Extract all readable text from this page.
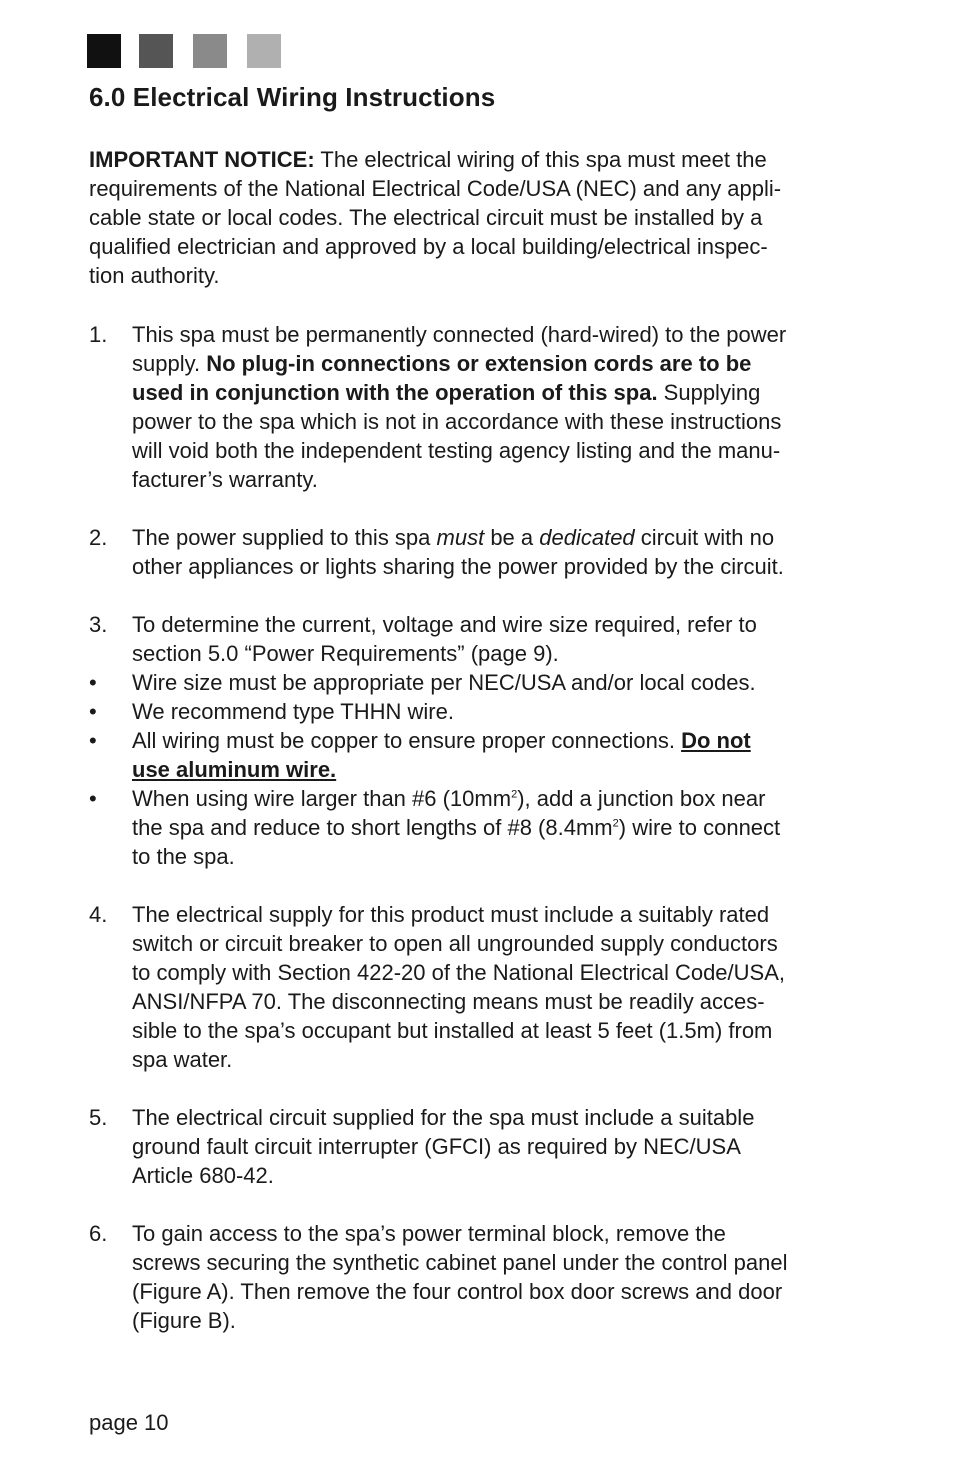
6.0 Electrical Wiring Instructions

IMPORTANT NOTICE: The electrical wiring of this spa must meet the
requirements of the National Electrical Code/USA (NEC) and any appli-
cable state or local codes. The electrical circuit must be installed by a
qualified electrician and approved by a local building/electrical inspec-
tion authority.

1.	This spa must be permanently connected (hard-wired) to the power
supply. No plug-in connections or extension cords are to be
used in conjunction with the operation of this spa. Supplying
power to the spa which is not in accordance with these instructions
will void both the independent testing agency listing and the manu-
facturer’s warranty.
2.	The power supplied to this spa must be a dedicated circuit with no
other appliances or lights sharing the power provided by the circuit.
3.	To determine the current, voltage and wire size required, refer to
section 5.0 “Power Requirements” (page 9).
•	Wire size must be appropriate per NEC/USA and/or local codes.
•	We recommend type THHN wire.
•	All wiring must be copper to ensure proper connections. Do not
use aluminum wire.
•	When using wire larger than #6 $(10mm^2)$, add a junction box near
the spa and reduce to short lengths of #8 $(8.4mm^2)$ wire to connect
to the spa.
4.	The electrical supply for this product must include a suitably rated
switch or circuit breaker to open all ungrounded supply conductors
to comply with Section 422-20 of the National Electrical Code/USA,
ANSI/NFPA 70. The disconnecting means must be readily acces-
sible to the spa’s occupant but installed at least 5 feet (1.5m) from
spa water.
5.	The electrical circuit supplied for the spa must include a suitable
ground fault circuit interrupter (GFCI) as required by NEC/USA
Article 680-42.
6.	To gain access to the spa’s power terminal block, remove the
screws securing the synthetic cabinet panel under the control panel
(Figure A). Then remove the four control box door screws and door
(Figure B).
page 10
